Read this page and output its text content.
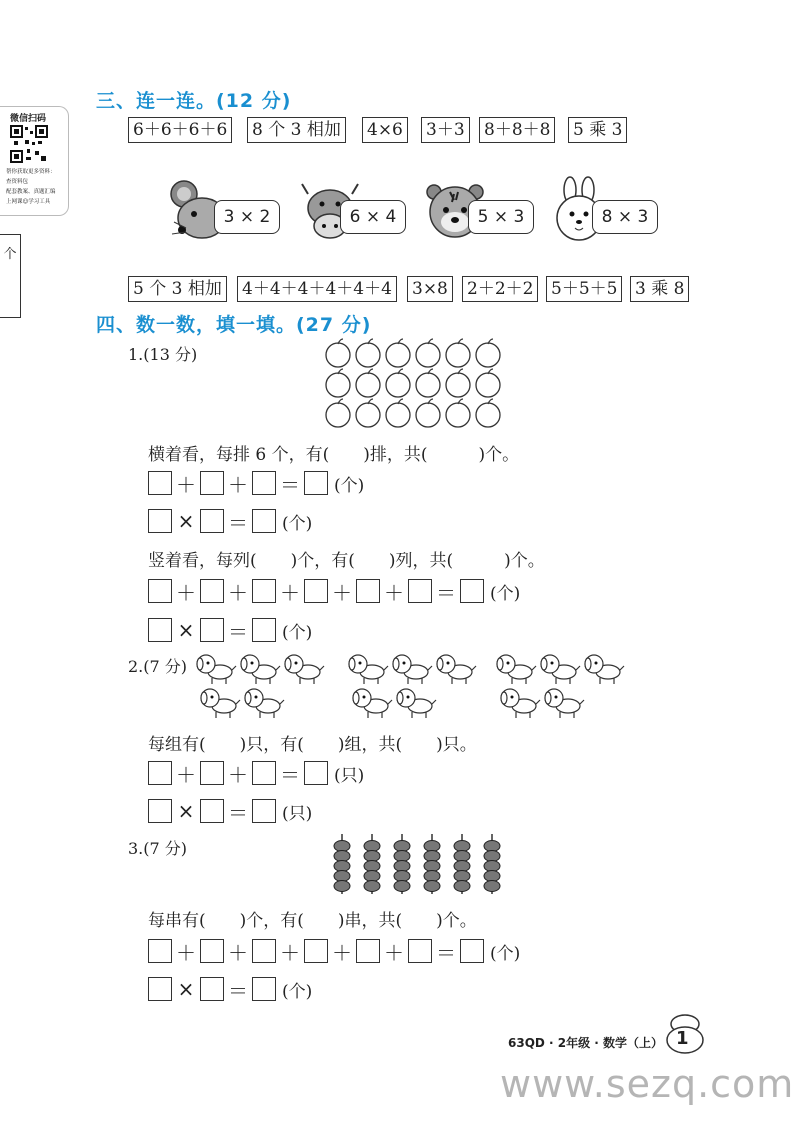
微信扫码
帮你获取更多资料：
查资料包
配套教案、真题汇编
上网课☺学习工具
个
三、连一连。(12 分)
6＋6＋6＋6 8 个 3 相加 4×6 3＋3 8＋8＋8 5 乘 3
3 × 2	6 × 4	5 × 3	8 × 3
5 个 3 相加 4＋4＋4＋4＋4＋4 3×8 2＋2＋2 5＋5＋5 3 乘 8
四、数一数，填一填。(27 分)
1.(13 分)
横着看，每排 6 个，有(　　)排，共(　　　)个。
＋ ＋ ＝ (个)
× ＝ (个)
竖着看，每列(　　)个，有(　　)列，共(　　　)个。
＋ ＋ ＋ ＋ ＋ ＝ (个)
× ＝ (个)
2.(7 分)
每组有(　　)只，有(　　)组，共(　　)只。
＋ ＋ ＝ (只)
× ＝ (只)
3.(7 分)
每串有(　　)个，有(　　)串，共(　　)个。
＋ ＋ ＋ ＋ ＋ ＝ (个)
× ＝ (个)
63QD · 2年级 · 数学（上） 1
www.sezq.com
